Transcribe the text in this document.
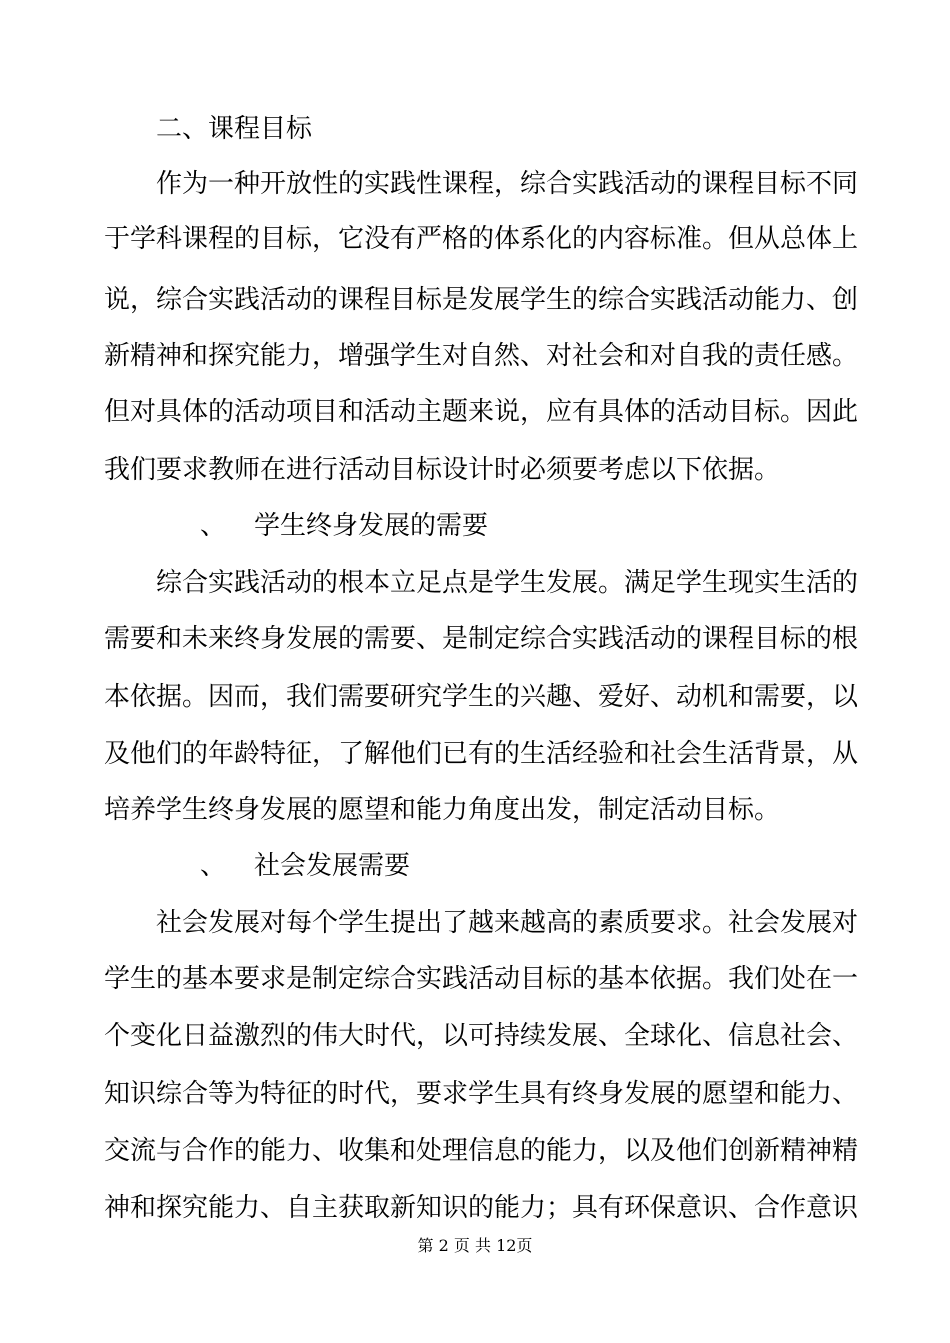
二、课程目标
作为一种开放性的实践性课程，综合实践活动的课程目标不同
于学科课程的目标，它没有严格的体系化的内容标准。但从总体上
说，综合实践活动的课程目标是发展学生的综合实践活动能力、创
新精神和探究能力，增强学生对自然、对社会和对自我的责任感。
但对具体的活动项目和活动主题来说，应有具体的活动目标。因此
我们要求教师在进行活动目标设计时必须要考虑以下依据。
、 学生终身发展的需要
综合实践活动的根本立足点是学生发展。满足学生现实生活的
需要和未来终身发展的需要、是制定综合实践活动的课程目标的根
本依据。因而，我们需要研究学生的兴趣、爱好、动机和需要，以
及他们的年龄特征，了解他们已有的生活经验和社会生活背景，从
培养学生终身发展的愿望和能力角度出发，制定活动目标。
、 社会发展需要
社会发展对每个学生提出了越来越高的素质要求。社会发展对
学生的基本要求是制定综合实践活动目标的基本依据。我们处在一
个变化日益激烈的伟大时代，以可持续发展、全球化、信息社会、
知识综合等为特征的时代，要求学生具有终身发展的愿望和能力、
交流与合作的能力、收集和处理信息的能力，以及他们创新精神精
神和探究能力、自主获取新知识的能力；具有环保意识、合作意识
第 2 页 共 12页
